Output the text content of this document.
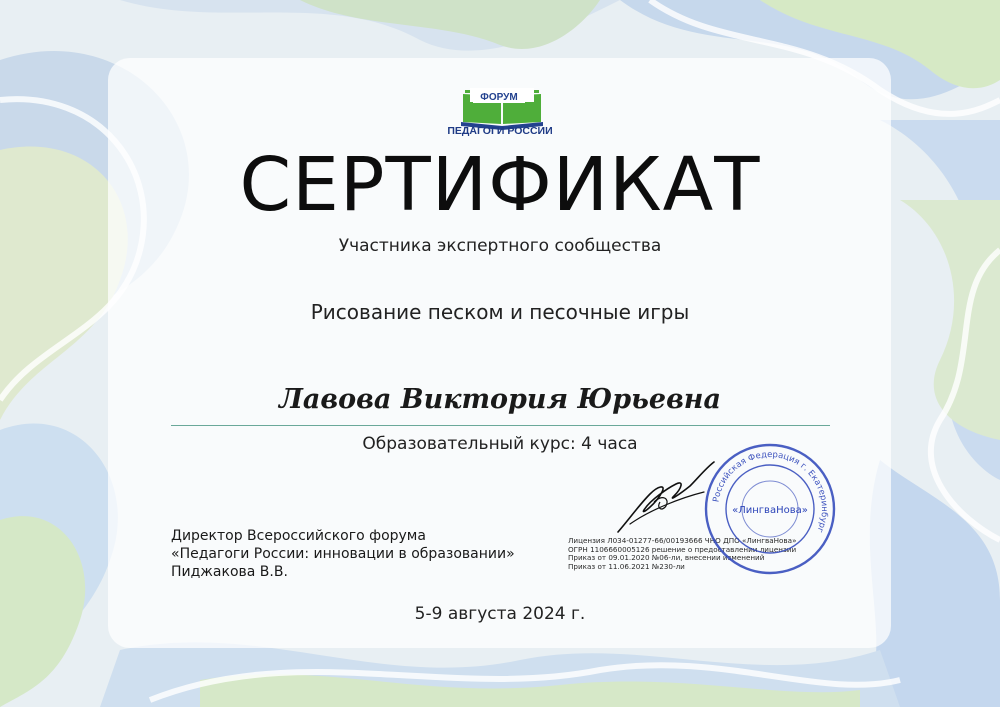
ФОРУМ
ПЕДАГОГИ РОССИИ
СЕРТИФИКАТ
Участника экспертного сообщества
Рисование песком и песочные игры
Лавова Виктория Юрьевна
Образовательный курс: 4 часа
Директор Всероссийского форума
«Педагоги России: инновации в образовании»
Пиджакова В.В.
Лицензия Л034-01277-66/00193666 ЧНО ДПО «ЛингваНова»
ОГРН 1106660005126 решение о предоставлении лицензии
Приказ от 09.01.2020 №06-ли, внесении изменений
Приказ от 11.06.2021 №230-ли
Российская Федерация г. Екатеринбург
«ЛингваНова»
5-9 августа 2024 г.
